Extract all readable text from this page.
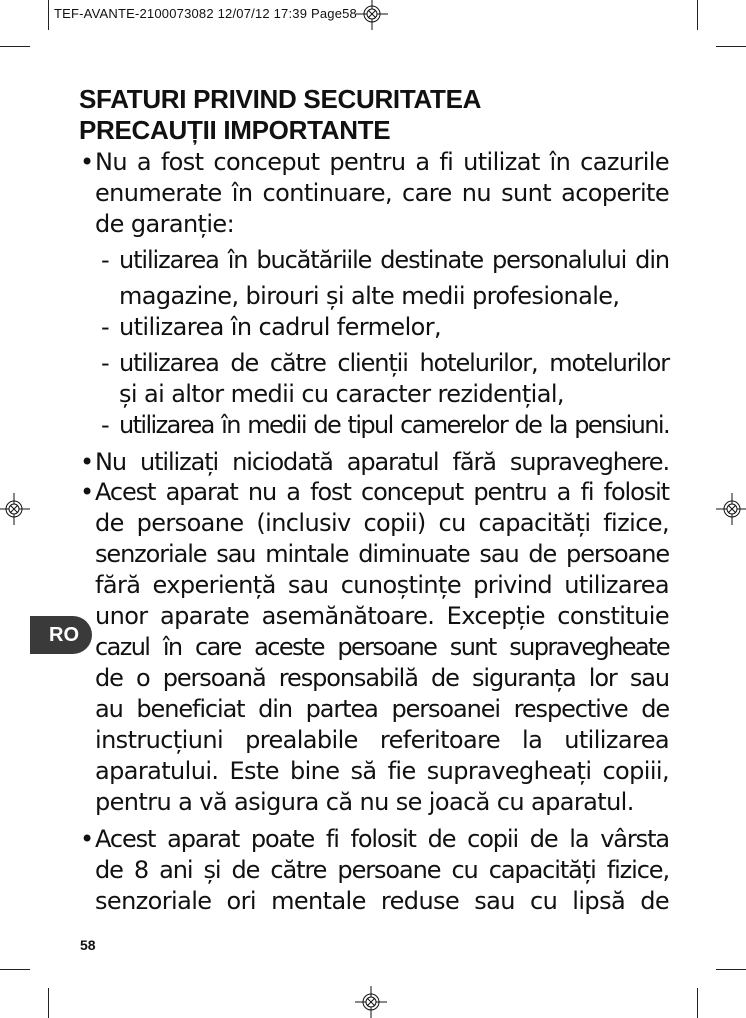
TEF-AVANTE-2100073082 12/07/12 17:39 Page58
SFATURI PRIVIND SECURITATEA
PRECAUȚII IMPORTANTE
• Nu a fost conceput pentru a fi utilizat în cazurile
enumerate în continuare, care nu sunt acoperite
de garanție:
- utilizarea în bucătăriile destinate personalului din
magazine, birouri și alte medii profesionale,
- utilizarea în cadrul fermelor,
- utilizarea de către clienții hotelurilor, motelurilor
și ai altor medii cu caracter rezidențial,
- utilizarea în medii de tipul camerelor de la pensiuni.
• Nu utilizați niciodată aparatul fără supraveghere.
• Acest aparat nu a fost conceput pentru a fi folosit
de persoane (inclusiv copii) cu capacități fizice,
senzoriale sau mintale diminuate sau de persoane
fără experiență sau cunoștințe privind utilizarea
unor aparate asemănătoare. Excepție constituie
cazul în care aceste persoane sunt supravegheate
de o persoană responsabilă de siguranța lor sau
au beneficiat din partea persoanei respective de
instrucțiuni prealabile referitoare la utilizarea
aparatului. Este bine să fie supravegheați copiii,
pentru a vă asigura că nu se joacă cu aparatul.
• Acest aparat poate fi folosit de copii de la vârsta
de 8 ani și de către persoane cu capacități fizice,
senzoriale ori mentale reduse sau cu lipsă de
RO
58
